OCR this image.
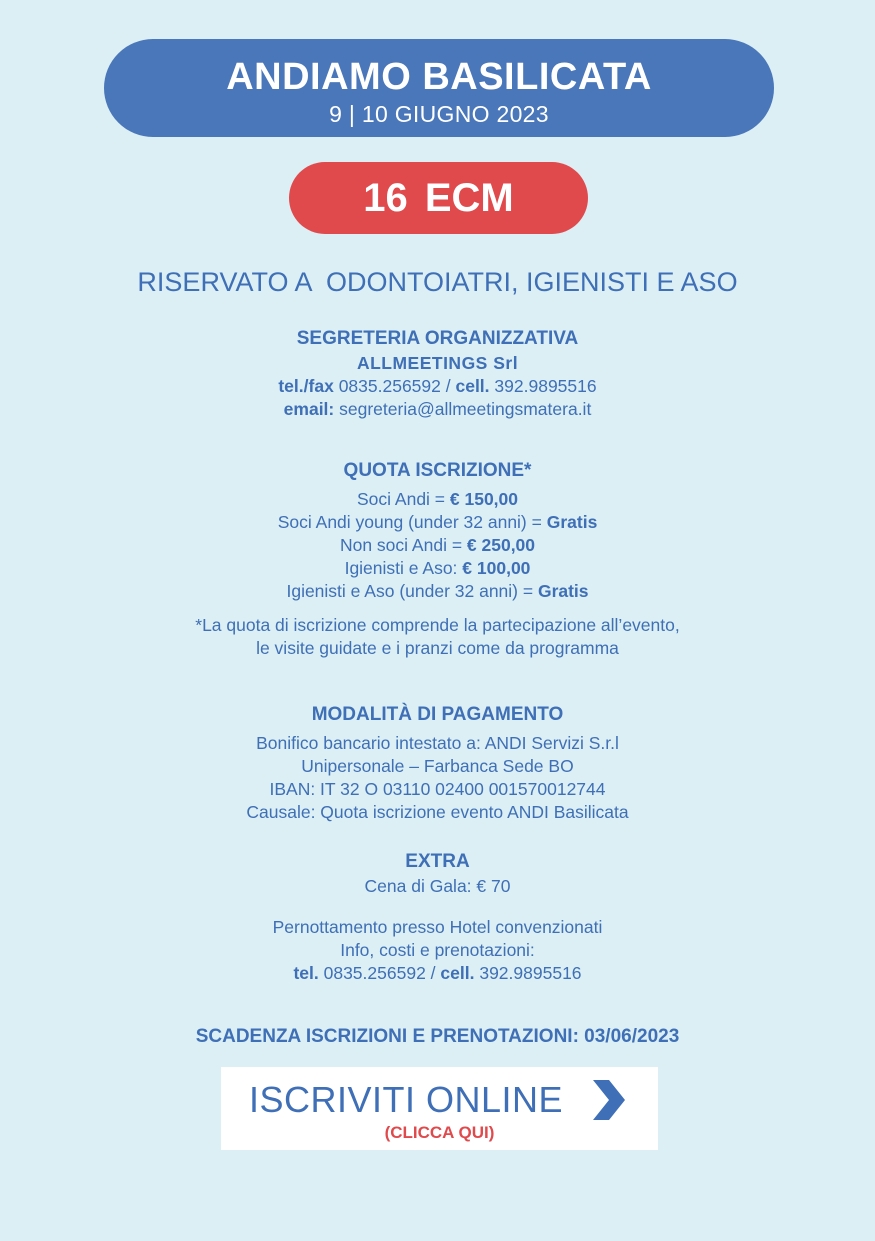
ANDIAMO BASILICATA
9 | 10 GIUGNO 2023
16 ECM
RISERVATO A  ODONTOIATRI, IGIENISTI E ASO
SEGRETERIA ORGANIZZATIVA
ALLMEETINGS Srl
tel./fax 0835.256592 / cell. 392.9895516
email: segreteria@allmeetingsmatera.it
QUOTA ISCRIZIONE*
Soci Andi = € 150,00
Soci Andi young (under 32 anni) = Gratis
Non soci Andi = € 250,00
Igienisti e Aso: € 100,00
Igienisti e Aso (under 32 anni) = Gratis
*La quota di iscrizione comprende la partecipazione all’evento,
le visite guidate e i pranzi come da programma
MODALITÀ DI PAGAMENTO
Bonifico bancario intestato a: ANDI Servizi S.r.l
Unipersonale – Farbanca Sede BO
IBAN: IT 32 O 03110 02400 001570012744
Causale: Quota iscrizione evento ANDI Basilicata
EXTRA
Cena di Gala: € 70
Pernottamento presso Hotel convenzionati
Info, costi e prenotazioni:
tel. 0835.256592 / cell. 392.9895516
SCADENZA ISCRIZIONI E PRENOTAZIONI: 03/06/2023
ISCRIVITI ONLINE
(CLICCA QUI)
